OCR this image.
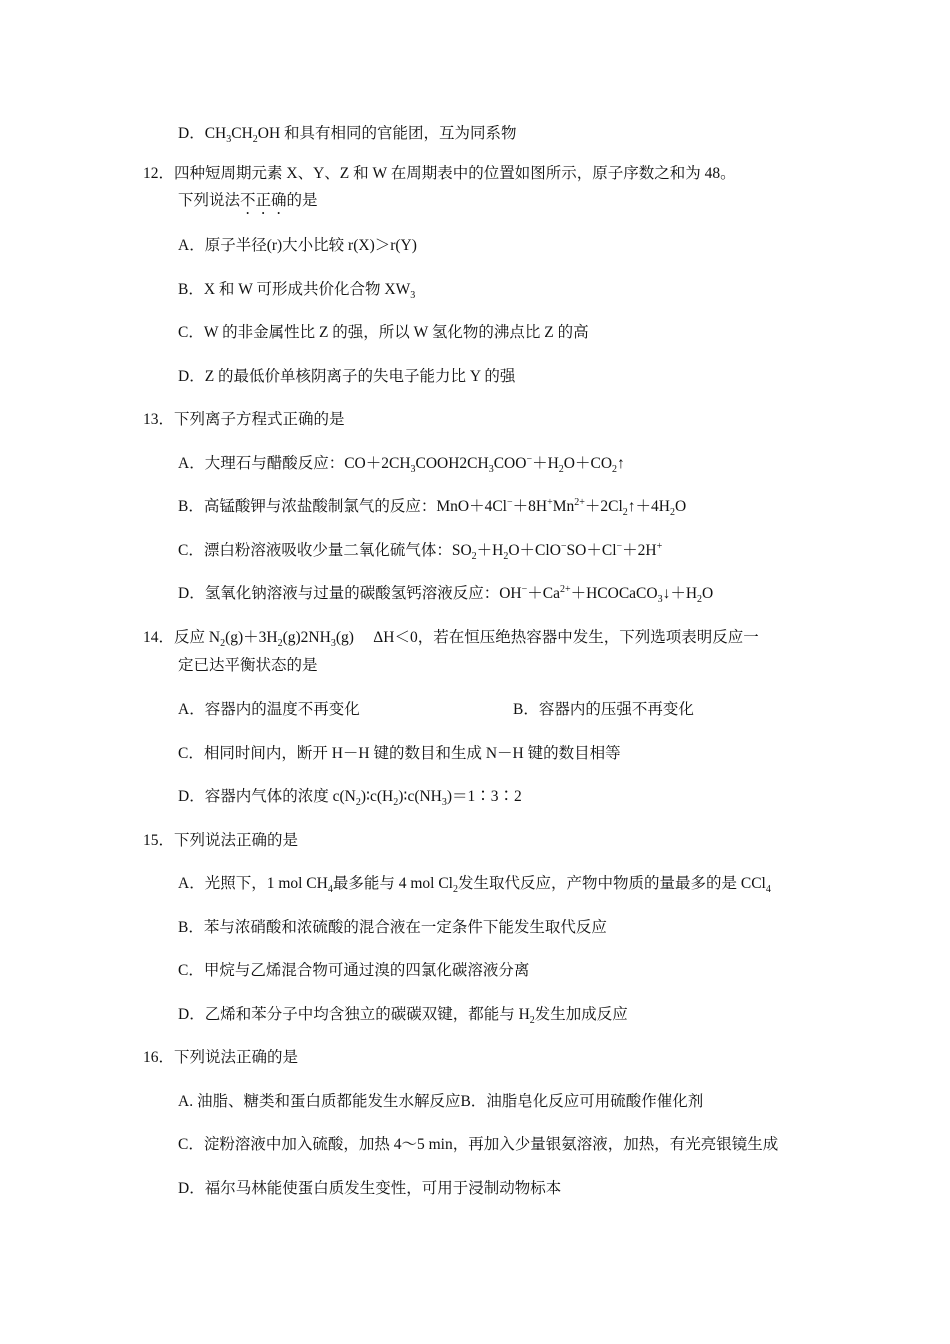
D．$CH_3CH_2OH$ 和具有相同的官能团，互为同系物
12．四种短周期元素 X、Y、Z 和 W 在周期表中的位置如图所示，原子序数之和为 48。
下列说法不正确的是
A．原子半径(r)大小比较 r(X)＞r(Y)
B．X 和 W 可形成共价化合物 $XW_3$
C．W 的非金属性比 Z 的强，所以 W 氢化物的沸点比 Z 的高
D．Z 的最低价单核阴离子的失电子能力比 Y 的强
13．下列离子方程式正确的是
A．大理石与醋酸反应：$CO+2CH_3COOH2CH_3COO^-+H_2O+CO_2↑$
B．高锰酸钾与浓盐酸制氯气的反应：$MnO+4Cl^-+8H^+Mn^{2+}+2Cl_2↑+4H_2O$
C．漂白粉溶液吸收少量二氧化硫气体：$SO_2+H_2O+ClO^-SO+Cl^-+2H^+$
D．氢氧化钠溶液与过量的碳酸氢钙溶液反应：$OH^-+Ca^{2+}+HCOCaCO_3↓+H_2O$
14．反应 $N_2(g)+3H_2(g)2NH_3(g)$　 ΔH＜0，若在恒压绝热容器中发生，下列选项表明反应一
定已达平衡状态的是
A．容器内的温度不再变化	B．容器内的压强不再变化
C．相同时间内，断开 H－H 键的数目和生成 N－H 键的数目相等
D．容器内气体的浓度 $c(N_2)∶c(H_2)∶c(NH_3)=1∶3∶2$
15．下列说法正确的是
A．光照下，1 mol $CH_4$最多能与 4 mol $Cl_2$发生取代反应，产物中物质的量最多的是 CCl$_4$
B．苯与浓硝酸和浓硫酸的混合液在一定条件下能发生取代反应
C．甲烷与乙烯混合物可通过溴的四氯化碳溶液分离
D．乙烯和苯分子中均含独立的碳碳双键，都能与 $H_2$发生加成反应
16．下列说法正确的是
A. 油脂、糖类和蛋白质都能发生水解反应B．油脂皂化反应可用硫酸作催化剂
C．淀粉溶液中加入硫酸，加热 4～5 min，再加入少量银氨溶液，加热，有光亮银镜生成
D．福尔马林能使蛋白质发生变性，可用于浸制动物标本
